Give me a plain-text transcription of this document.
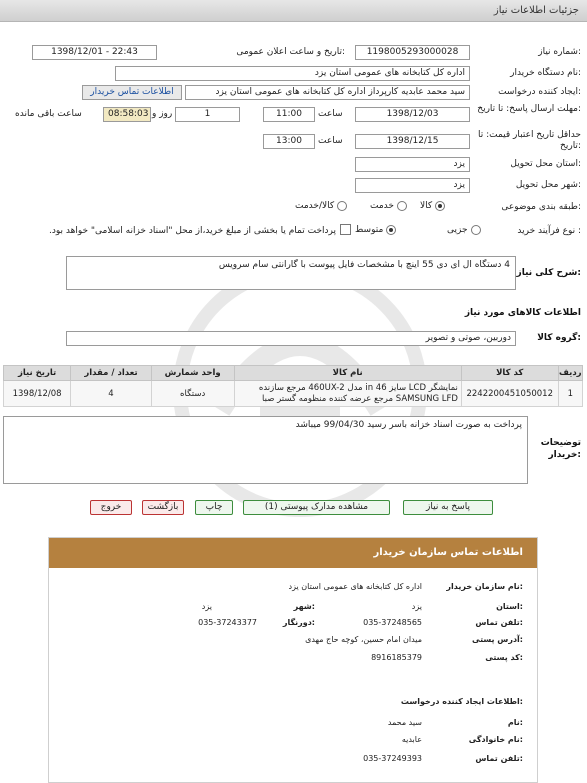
جزئیات اطلاعات نیاز
شماره نیاز:
1198005293000028
تاریخ و ساعت اعلان عمومی:
1398/12/01 - 22:43
نام دستگاه خریدار:
اداره کل کتابخانه های عمومی استان یزد
ایجاد کننده درخواست:
سید محمد عابدیه کارپرداز اداره کل کتابخانه های عمومی استان یزد
اطلاعات تماس خریدار
مهلت ارسال پاسخ: تا تاریخ:
1398/12/03
ساعت
11:00
1
روز و
08:58:03
ساعت باقی مانده
حداقل تاریخ اعتبار قیمت: تا تاریخ:
1398/12/15
ساعت
13:00
استان محل تحویل:
یزد
شهر محل تحویل:
یزد
طبقه بندی موضوعی:
کالا
خدمت
کالا/خدمت
نوع فرآیند خرید :
جزیی
متوسط
پرداخت تمام یا بخشی از مبلغ خرید،از محل "اسناد خزانه اسلامی" خواهد بود.
شرح کلی نیاز:
4 دستگاه ال ای دی 55 اینچ با مشخصات فایل پیوست با گارانتی سام سرویس
اطلاعات کالاهای مورد نیاز
گروه کالا:
دوربین، صوتی و تصویر
تاریخ نیاز	تعداد / مقدار	واحد شمارش	نام کالا	کد کالا	ردیف
1398/12/08	4	دستگاه	نمایشگر LCD سایز 46 in مدل 460UX-2 مرجع سازنده SAMSUNG LFD مرجع عرضه کننده منظومه گستر صبا	2242200451050012	1
توضیحات خریدار:
پرداخت به صورت اسناد خزانه باسر رسید 99/04/30 میباشد
پاسخ به نیاز
مشاهده مدارک پیوستی (1)
چاپ
بازگشت
خروج
اطلاعات تماس سازمان خریدار
نام سازمان خریدار:
اداره کل کتابخانه های عمومی استان یزد
استان:
یزد
شهر:
یزد
تلفن تماس:
035-37248565
دورنگار:
035-37243377
آدرس پستی:
میدان امام حسین، کوچه حاج مهدی
کد پستی:
8916185379
اطلاعات ایجاد کننده درخواست:
نام:
سید محمد
نام خانوادگی:
عابدیه
تلفن تماس:
035-37249393
